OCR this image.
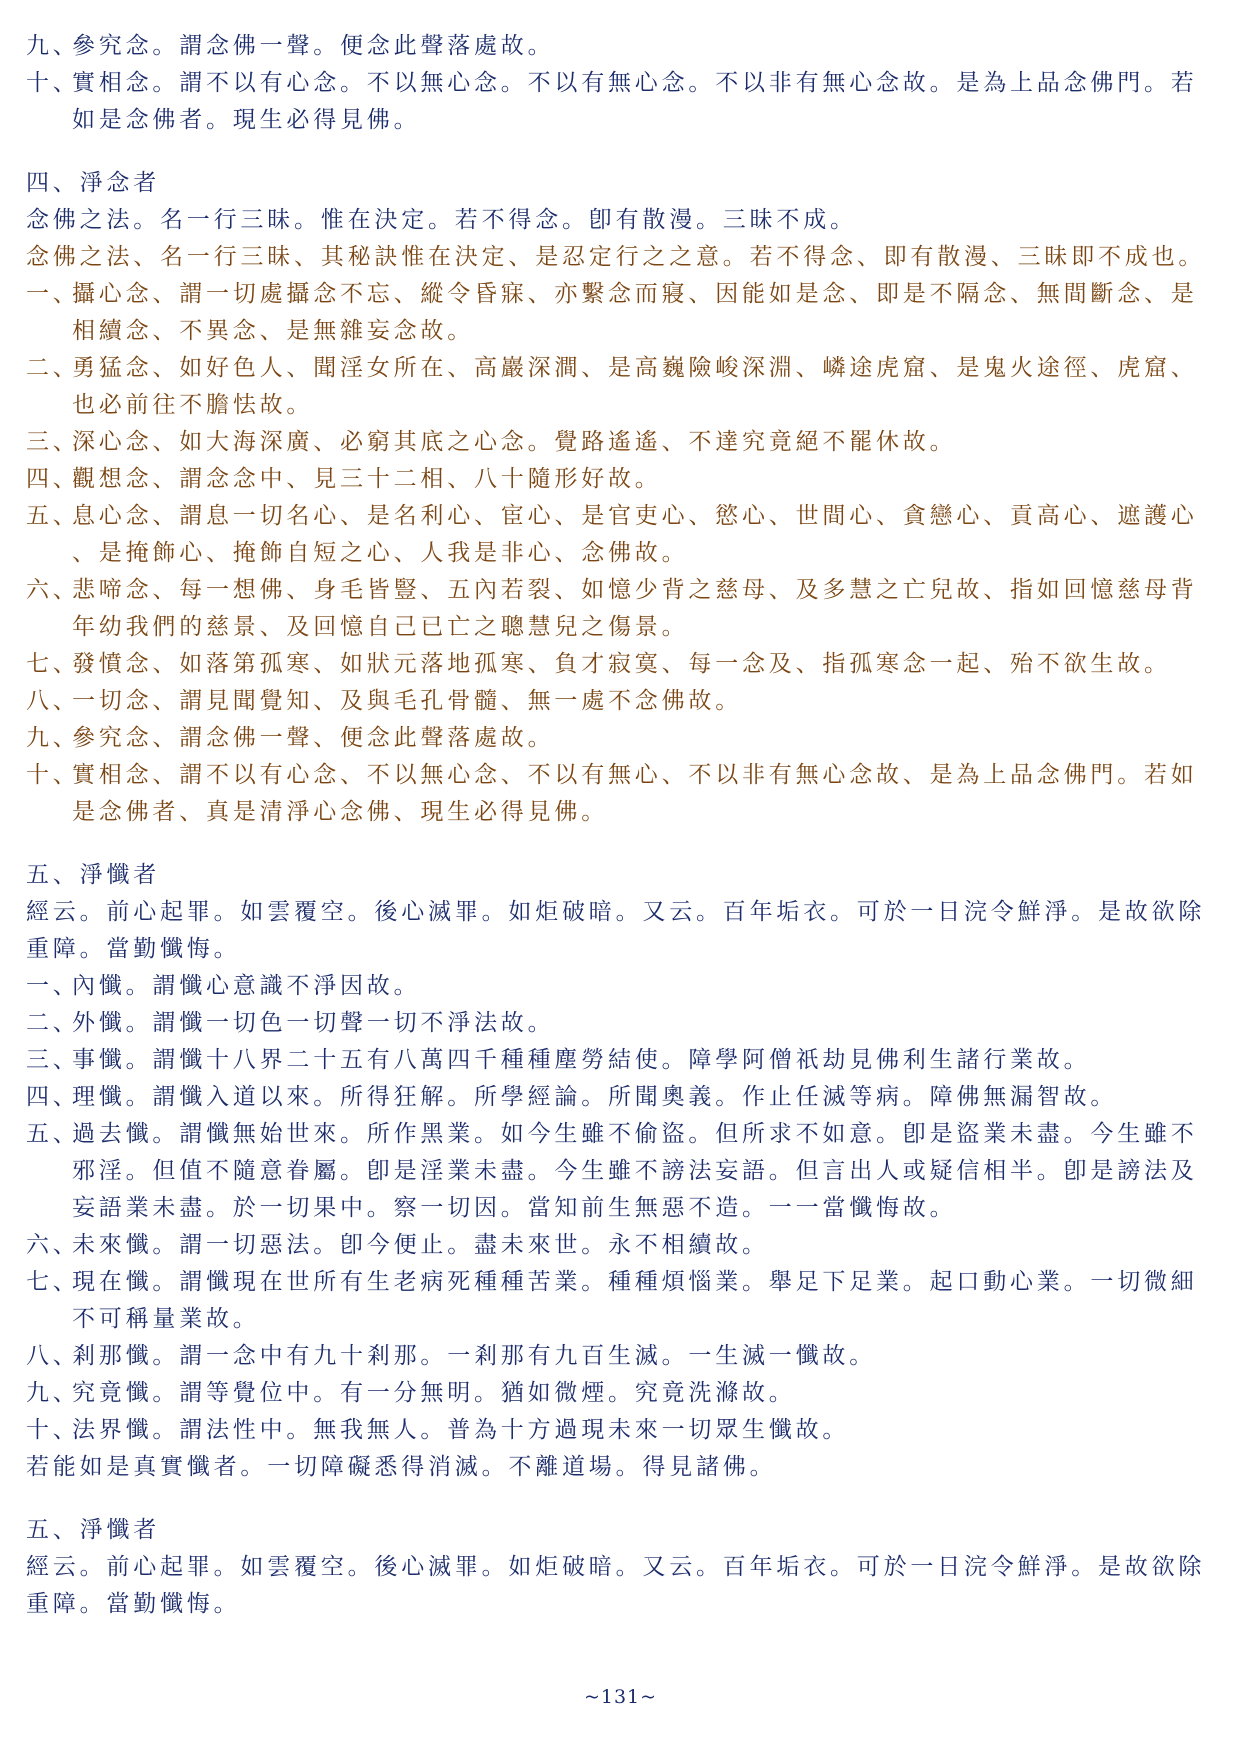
九、
參究念。謂念佛一聲。便念此聲落處故。
十、
實相念。謂不以有心念。不以無心念。不以有無心念。不以非有無心念故。是為上品念佛門。若如是念佛者。現生必得見佛。
四、淨念者
念佛之法。名一行三昧。惟在決定。若不得念。卽有散漫。三昧不成。
念佛之法、名一行三昧、其秘訣惟在決定、是忍定行之之意。若不得念、即有散漫、三昧即不成也。
一、
攝心念、謂一切處攝念不忘、縱令昏寐、亦繫念而寢、因能如是念、即是不隔念、無間斷念、是相續念、不異念、是無雜妄念故。
二、
勇猛念、如好色人、聞淫女所在、高巖深澗、是高巍險峻深淵、嶙途虎窟、是鬼火途徑、虎窟、也必前往不膽怯故。
三、
深心念、如大海深廣、必窮其底之心念。覺路遙遙、不達究竟絕不罷休故。
四、
觀想念、謂念念中、見三十二相、八十隨形好故。
五、
息心念、謂息一切名心、是名利心、宦心、是官吏心、慾心、世間心、貪戀心、貢高心、遮護心、是掩飾心、掩飾自短之心、人我是非心、念佛故。
六、
悲啼念、每一想佛、身毛皆豎、五內若裂、如憶少背之慈母、及多慧之亡兒故、指如回憶慈母背年幼我們的慈景、及回憶自己已亡之聰慧兒之傷景。
七、
發憤念、如落第孤寒、如狀元落地孤寒、負才寂寞、每一念及、指孤寒念一起、殆不欲生故。
八、
一切念、謂見聞覺知、及與毛孔骨髓、無一處不念佛故。
九、
參究念、謂念佛一聲、便念此聲落處故。
十、
實相念、謂不以有心念、不以無心念、不以有無心、不以非有無心念故、是為上品念佛門。若如是念佛者、真是清淨心念佛、現生必得見佛。
五、淨懺者
經云。前心起罪。如雲覆空。後心滅罪。如炬破暗。又云。百年垢衣。可於一日浣令鮮淨。是故欲除重障。當勤懺悔。
一、
內懺。謂懺心意識不淨因故。
二、
外懺。謂懺一切色一切聲一切不淨法故。
三、
事懺。謂懺十八界二十五有八萬四千種種塵勞結使。障學阿僧祇劫見佛利生諸行業故。
四、
理懺。謂懺入道以來。所得狂解。所學經論。所聞奧義。作止任滅等病。障佛無漏智故。
五、
過去懺。謂懺無始世來。所作黑業。如今生雖不偷盜。但所求不如意。卽是盜業未盡。今生雖不邪淫。但值不隨意眷屬。卽是淫業未盡。今生雖不謗法妄語。但言出人或疑信相半。卽是謗法及妄語業未盡。於一切果中。察一切因。當知前生無惡不造。一一當懺悔故。
六、
未來懺。謂一切惡法。卽今便止。盡未來世。永不相續故。
七、
現在懺。謂懺現在世所有生老病死種種苦業。種種煩惱業。舉足下足業。起口動心業。一切微細不可稱量業故。
八、
剎那懺。謂一念中有九十剎那。一剎那有九百生滅。一生滅一懺故。
九、
究竟懺。謂等覺位中。有一分無明。猶如微煙。究竟洗滌故。
十、
法界懺。謂法性中。無我無人。普為十方過現未來一切眾生懺故。
若能如是真實懺者。一切障礙悉得消滅。不離道場。得見諸佛。
五、淨懺者
經云。前心起罪。如雲覆空。後心滅罪。如炬破暗。又云。百年垢衣。可於一日浣令鮮淨。是故欲除重障。當勤懺悔。
~131~
